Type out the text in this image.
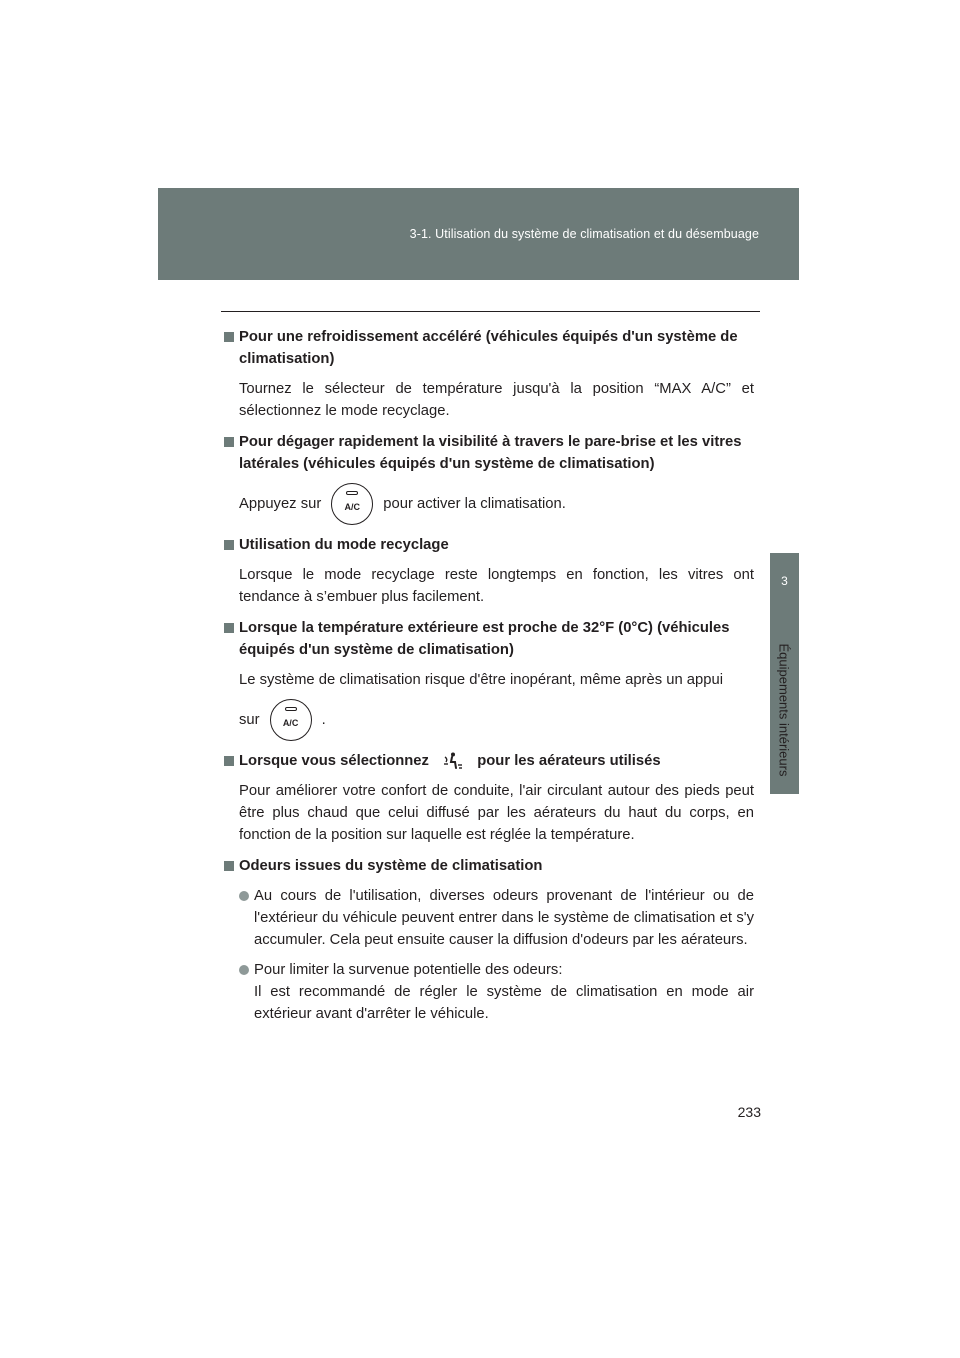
3-1. Utilisation du système de climatisation et du désembuage
3
Équipements intérieurs
Pour une refroidissement accéléré (véhicules équipés d'un système de climatisation)
Tournez le sélecteur de température jusqu'à la position “MAX A/C” et sélectionnez le mode recyclage.
Pour dégager rapidement la visibilité à travers le pare-brise et les vitres latérales (véhicules équipés d'un système de climatisation)
Appuyez sur	A/C pour activer la climatisation.
Utilisation du mode recyclage
Lorsque le mode recyclage reste longtemps en fonction, les vitres ont tendance à s’embuer plus facilement.
Lorsque la température extérieure est proche de 32°F (0°C) (véhicules équipés d'un système de climatisation)
Le système de climatisation risque d'être inopérant, même après un appui
sur	A/C .
Lorsque vous sélectionnez	pour les aérateurs utilisés
Pour améliorer votre confort de conduite, l'air circulant autour des pieds peut être plus chaud que celui diffusé par les aérateurs du haut du corps, en fonction de la position sur laquelle est réglée la température.
Odeurs issues du système de climatisation
Au cours de l'utilisation, diverses odeurs provenant de l'intérieur ou de l'extérieur du véhicule peuvent entrer dans le système de climatisation et s'y accumuler. Cela peut ensuite causer la diffusion d'odeurs par les aérateurs.
Pour limiter la survenue potentielle des odeurs:
Il est recommandé de régler le système de climatisation en mode air extérieur avant d'arrêter le véhicule.
233
